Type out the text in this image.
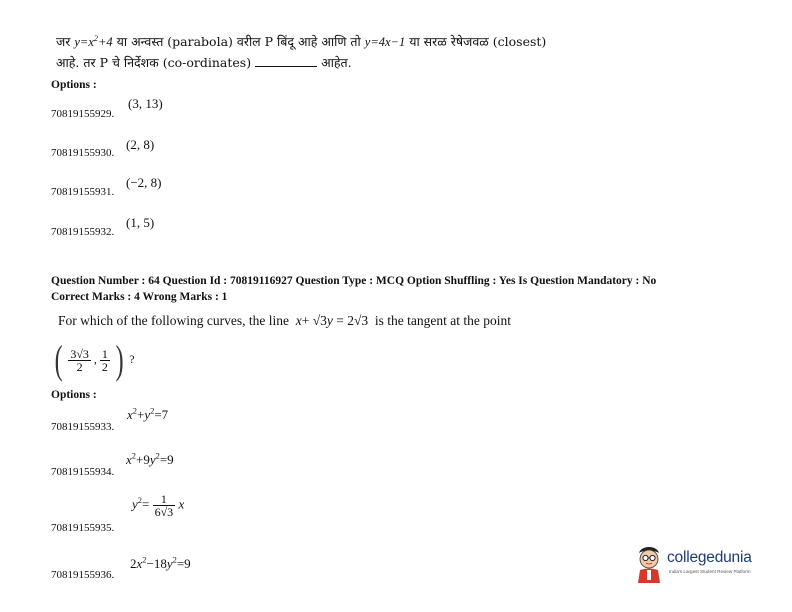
जर $y=x^2+4$ या अन्वस्त (parabola) वरील P बिंदू आहे आणि तो y=4x−1 या सरळ रेषेजवळ (closest)
आहे. तर P चे निर्देशक (co-ordinates)	आहेत.
Options :
70819155929.
(3, 13)
70819155930.
(2, 8)
70819155931.
(−2, 8)
70819155932.
(1, 5)
Question Number : 64 Question Id : 70819116927 Question Type : MCQ Option Shuffling : Yes Is Question Mandatory : No
Correct Marks : 4 Wrong Marks : 1
For which of the following curves, the line x+ √3y = 2√3  is the tangent at the point
( $\frac{3√3}{2}$ , $\frac{1}{2}$ ) ?
Options :
70819155933.
$x^2+y^2=7$
70819155934.
$x^2+9y^2=9$
70819155935.
$y^2= \frac{1}{6√3}$ x
70819155936.
$2x^2-18y^2=9$	collegedunia
India's Largest Student Review Platform
